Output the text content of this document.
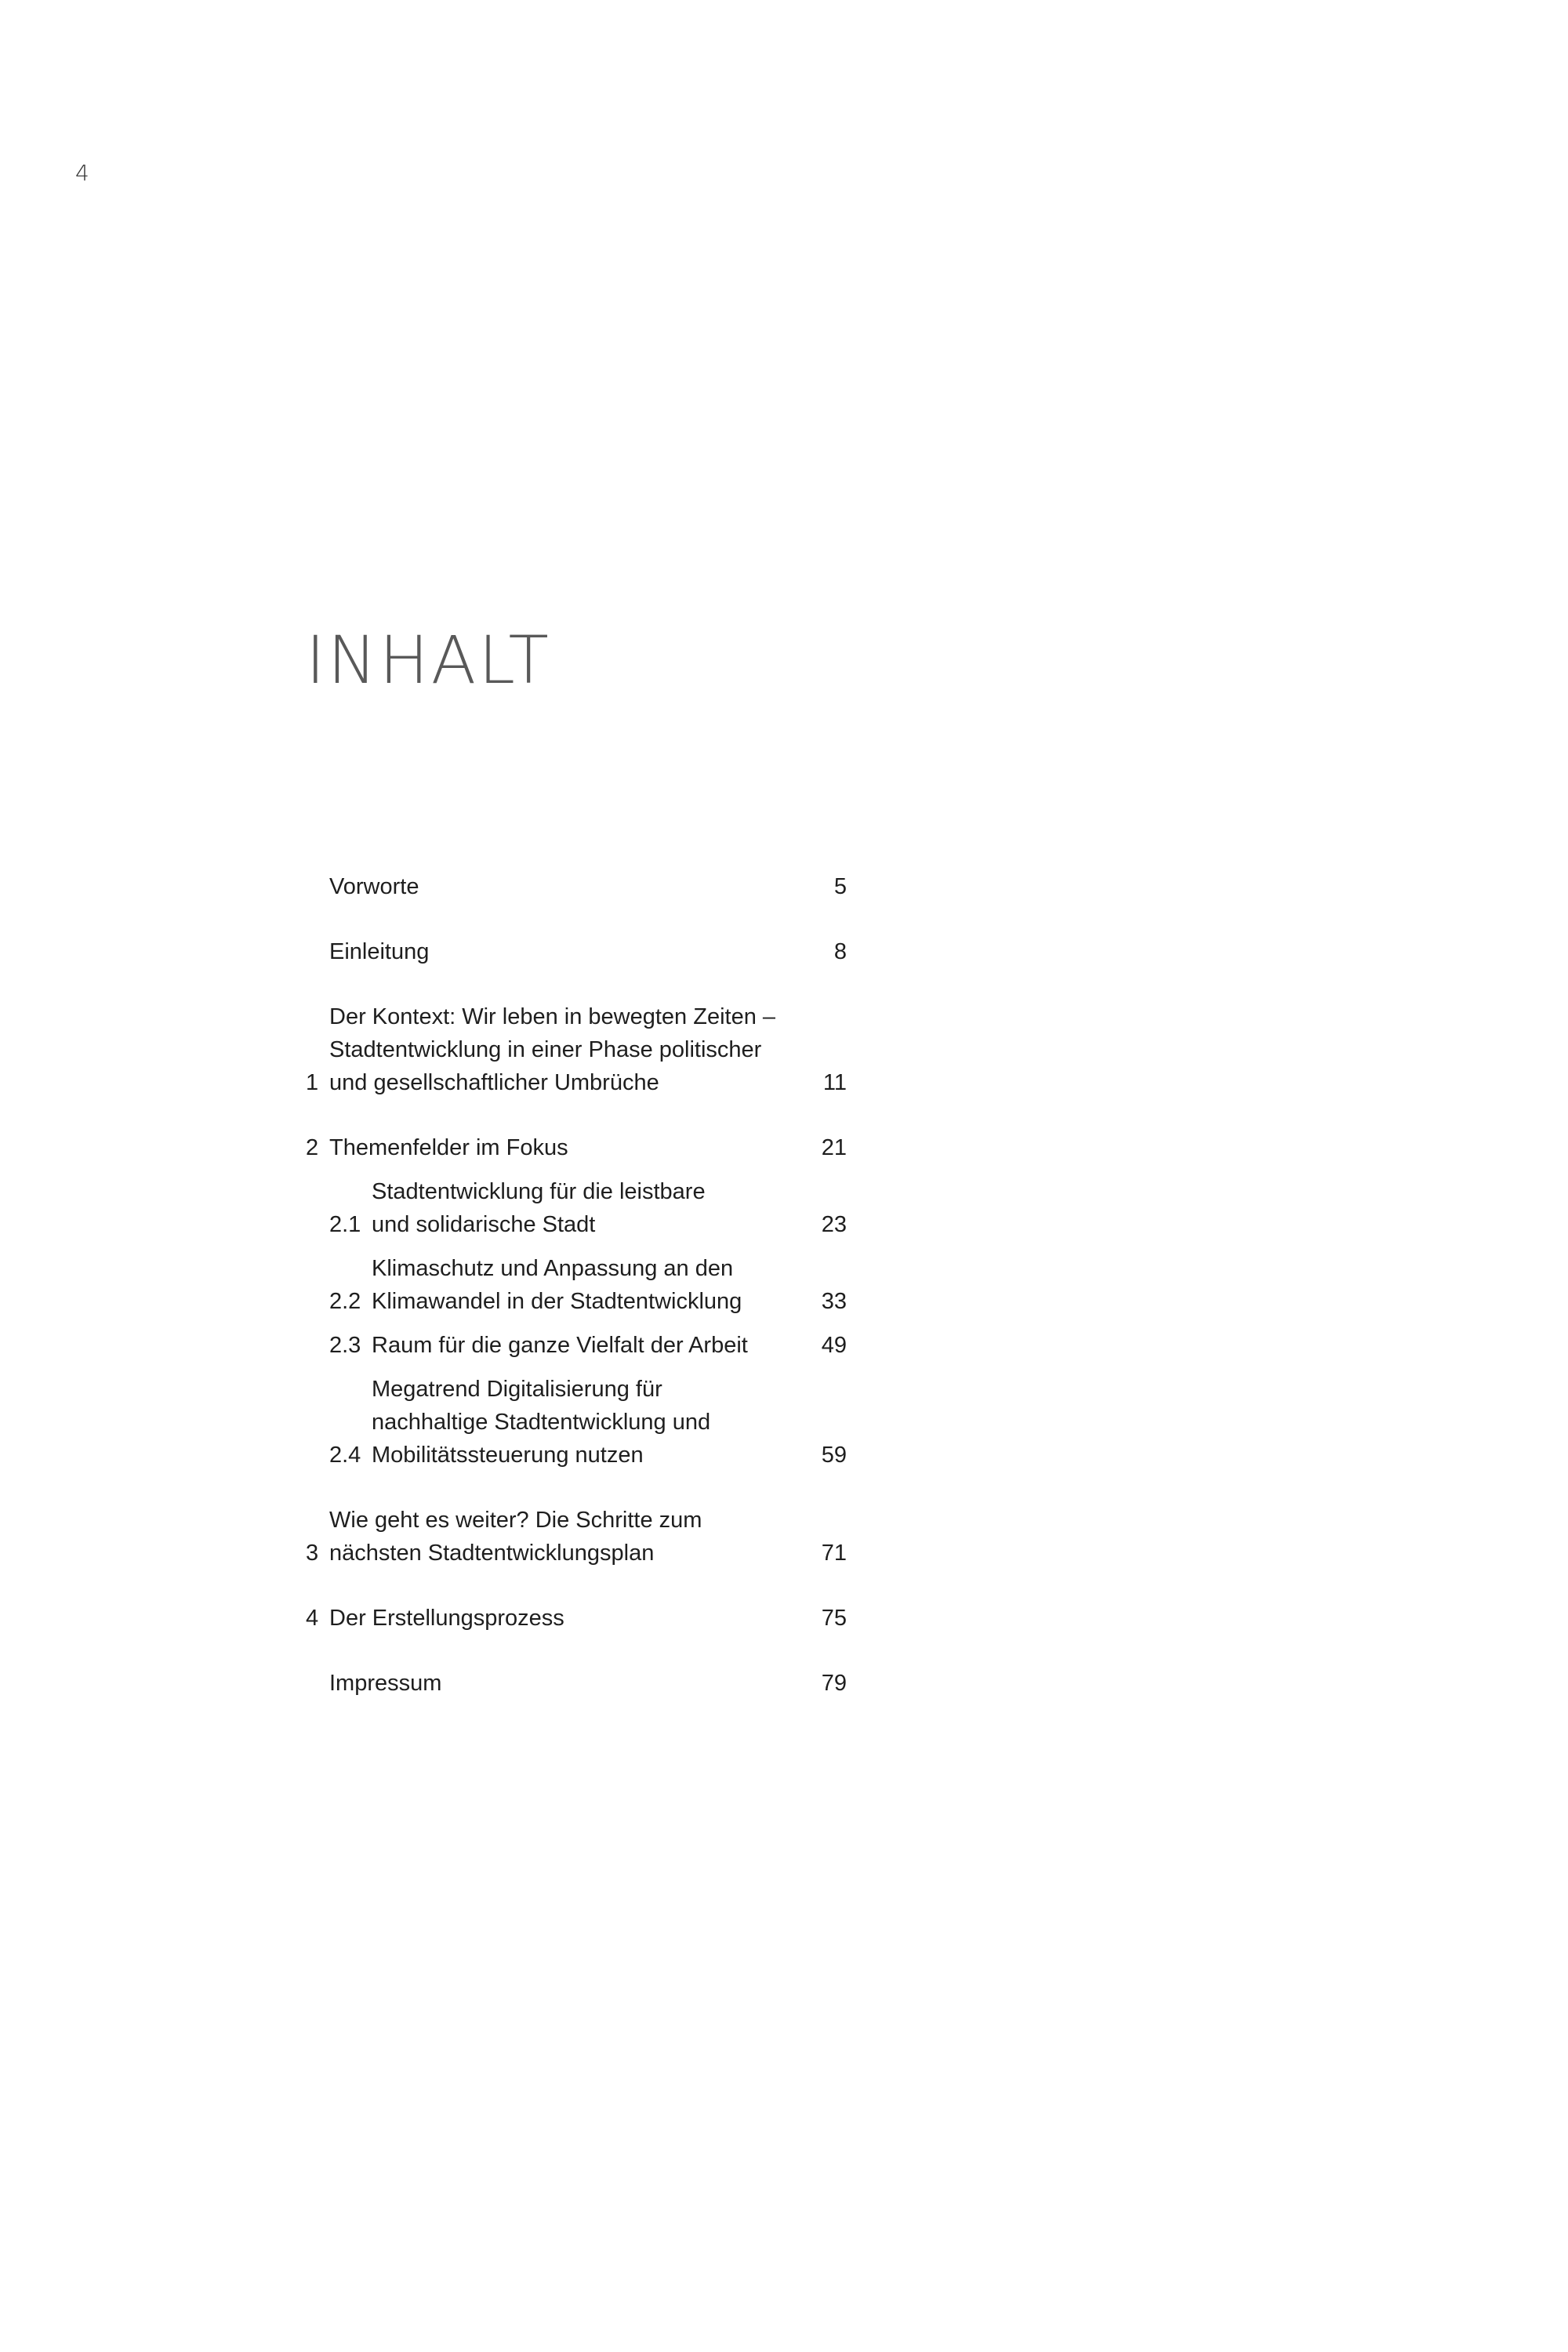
4
INHALT
Vorworte	5
Einleitung	8
1
Der Kontext: Wir leben in bewegten Zeiten –
Stadtentwicklung in einer Phase politischer
und gesellschaftlicher Umbrüche	11
2 Themenfelder im Fokus	21
2.1
Stadtentwicklung für die leistbare
und solidarische Stadt	23
2.2
Klimaschutz und Anpassung an den
Klimawandel in der Stadtentwicklung	33
2.3 Raum für die ganze Vielfalt der Arbeit	49
2.4
Megatrend Digitalisierung für
nachhaltige Stadtentwicklung und
Mobilitätssteuerung nutzen	59
3
Wie geht es weiter? Die Schritte zum
nächsten Stadtentwicklungsplan	71
4 Der Erstellungsprozess	75
Impressum	79
